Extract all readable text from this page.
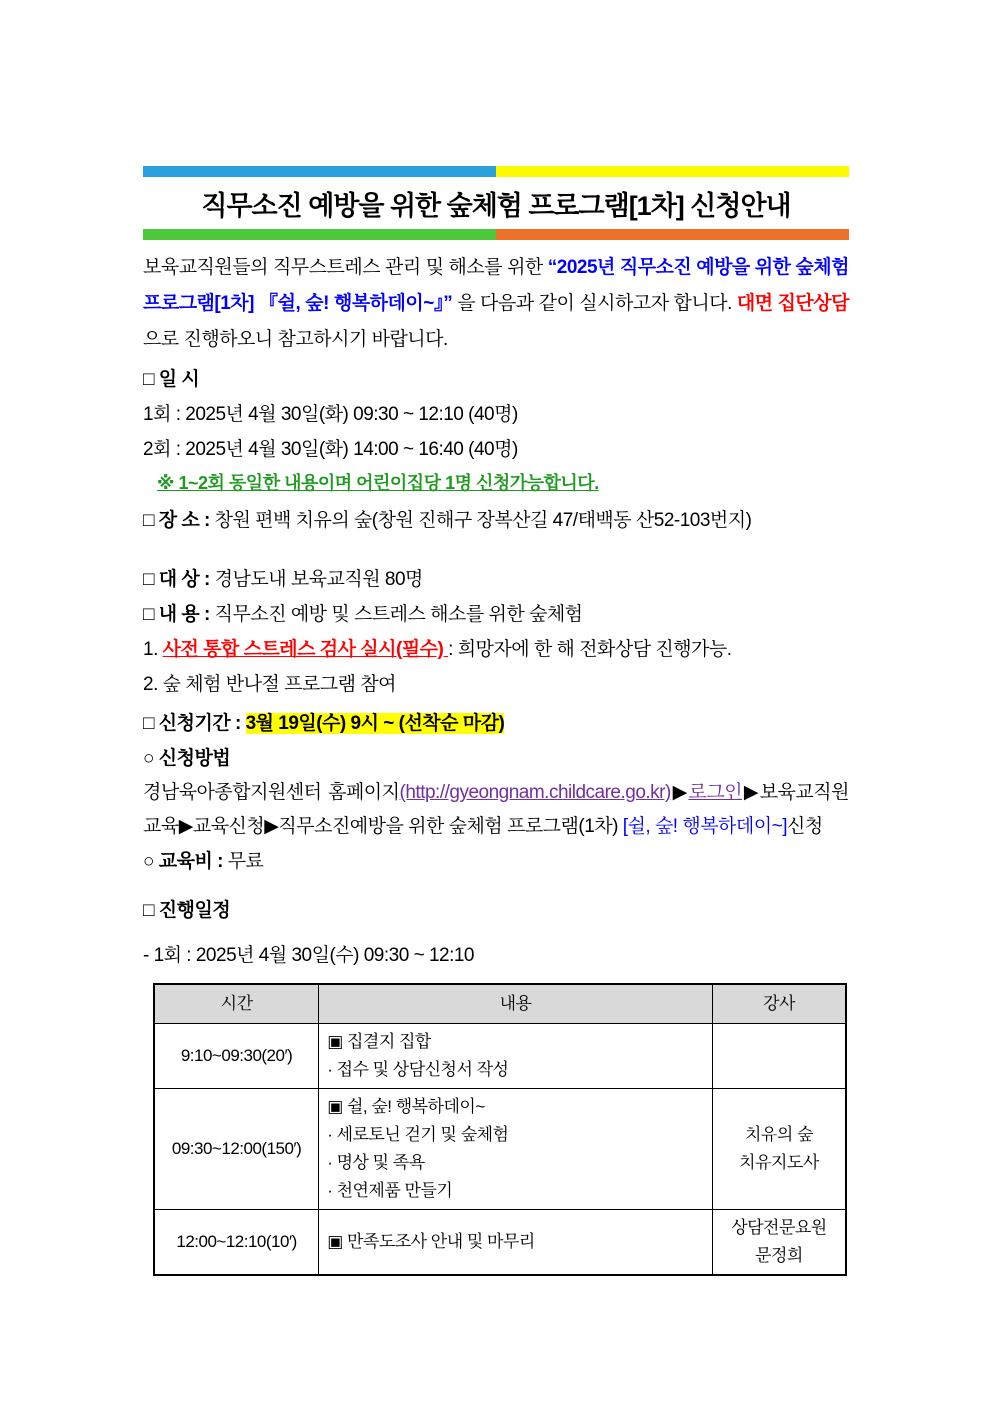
직무소진 예방을 위한 숲체험 프로그램[1차] 신청안내
보육교직원들의 직무스트레스 관리 및 해소를 위한 “2025년 직무소진 예방을 위한 숲체험 프로그램[1차] 『쉴, 숲! 행복하데이~』” 을 다음과 같이 실시하고자 합니다. 대면 집단상담으로 진행하오니 참고하시기 바랍니다.
□ 일 시
1회 : 2025년 4월 30일(화) 09:30 ~ 12:10 (40명)
2회 : 2025년 4월 30일(화) 14:00 ~ 16:40 (40명)
※ 1~2회 동일한 내용이며 어린이집당 1명 신청가능합니다.
□ 장 소 : 창원 편백 치유의 숲(창원 진해구 장복산길 47/태백동 산52-103번지)
□ 대 상 : 경남도내 보육교직원 80명
□ 내 용 : 직무소진 예방 및 스트레스 해소를 위한 숲체험
1. 사전 통합 스트레스 검사 실시(필수) : 희망자에 한 해 전화상담 진행가능.
2. 숲 체험 반나절 프로그램 참여
□ 신청기간 : 3월 19일(수) 9시 ~ (선착순 마감)
○ 신청방법
경남육아종합지원센터 홈페이지(http://gyeongnam.childcare.go.kr)▶로그인▶보육교직원교육▶교육신청▶직무소진예방을 위한 숲체험 프로그램(1차) [쉴, 숲! 행복하데이~]신청
○ 교육비 : 무료
□ 진행일정
- 1회 : 2025년 4월 30일(수) 09:30 ~ 12:10
시간	내용	강사
9:10~09:30(20′)	▣ 집결지 집합
· 접수 및 상담신청서 작성	

09:30~12:00(150′)	▣ 쉴, 숲! 행복하데이~
· 세로토닌 걷기 및 숲체험
· 명상 및 족욕
· 천연제품 만들기	치유의 숲
치유지도사

12:00~12:10(10′)	▣ 만족도조사 안내 및 마무리	상담전문요원
문정희
